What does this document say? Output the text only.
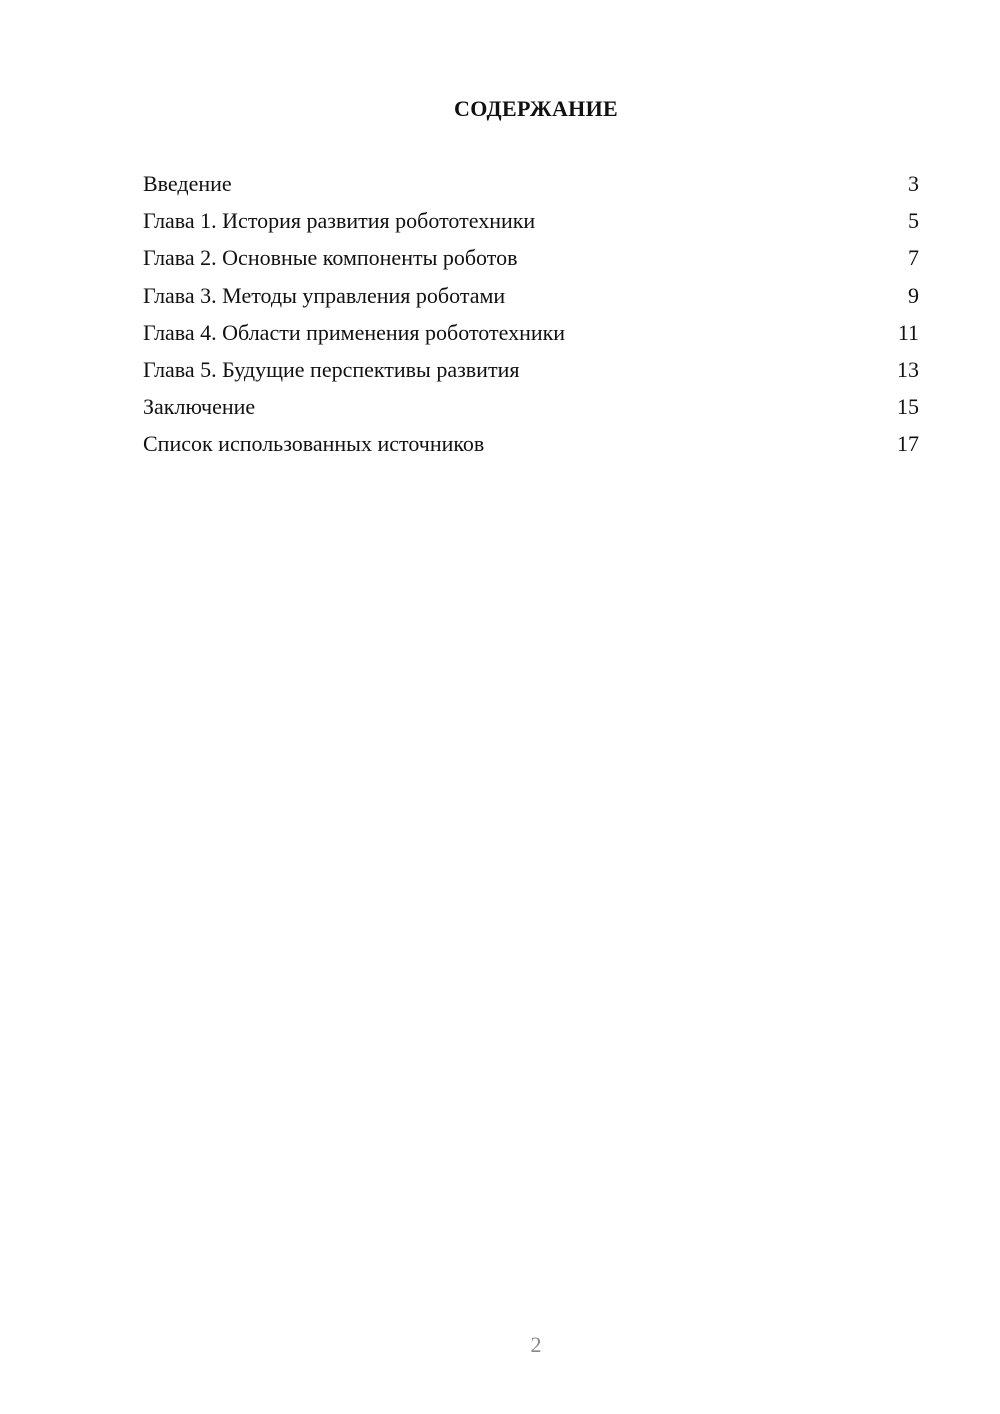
СОДЕРЖАНИЕ
Введение	3
Глава 1. История развития робототехники	5
Глава 2. Основные компоненты роботов	7
Глава 3. Методы управления роботами	9
Глава 4. Области применения робототехники	11
Глава 5. Будущие перспективы развития	13
Заключение	15
Список использованных источников	17
2
